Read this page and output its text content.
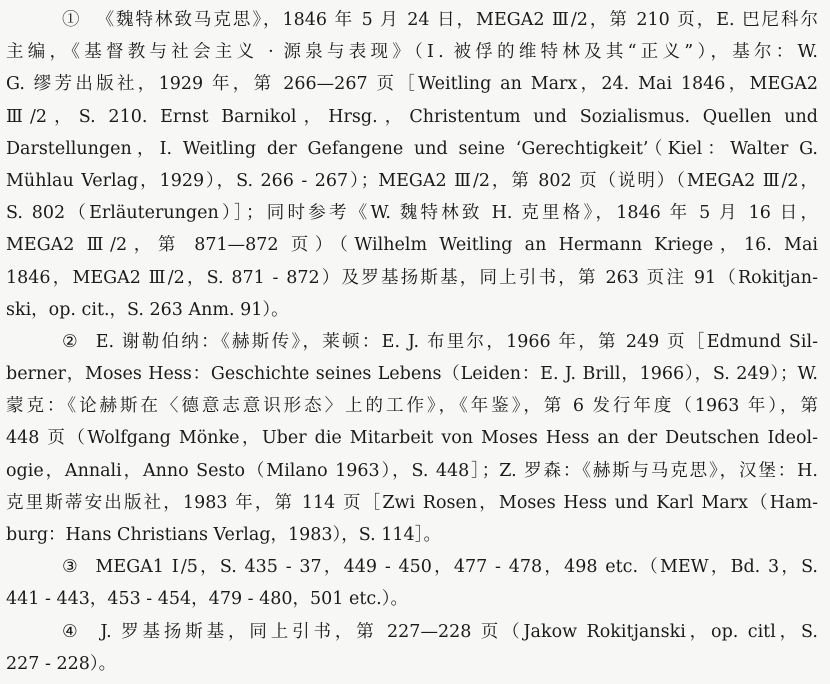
① 《魏特林致马克思》，1846 年 5 月 24 日，MEGA2 Ⅲ/2，第 210 页，E. 巴尼科尔
主编，《基督教与社会主义 · 源泉与表现》（Ⅰ. 被俘的维特林及其“正义”），基尔：W.
G. 缪芳出版社，1929 年，第 266—267 页［Weitling an Marx，24. Mai 1846，MEGA2
Ⅲ/2，S. 210. Ernst Barnikol，Hrsg.，Christentum und Sozialismus. Quellen und
Darstellungen，I. Weitling der Gefangene und seine ‘Gerechtigkeit’（Kiel：Walter G.
Mühlau Verlag，1929），S. 266 - 267）；MEGA2 Ⅲ/2，第 802 页（说明）（MEGA2 Ⅲ/2，
S. 802（Erläuterungen）］；同时参考《W. 魏特林致 H. 克里格》，1846 年 5 月 16 日，
MEGA2 Ⅲ/2，第 871—872 页）（Wilhelm Weitling an Hermann Kriege，16. Mai
1846，MEGA2 Ⅲ/2，S. 871 - 872）及罗基扬斯基，同上引书，第 263 页注 91（Rokitjan-
ski，op. cit.，S. 263 Anm. 91）。
② E. 谢勒伯纳：《赫斯传》，莱顿：E. J. 布里尔，1966 年，第 249 页［Edmund Sil-
berner，Moses Hess：Geschichte seines Lebens（Leiden：E. J. Brill，1966），S. 249）；W.
蒙克：《论赫斯在〈德意志意识形态〉上的工作》，《年鉴》，第 6 发行年度（1963 年），第
448 页（Wolfgang Mönke，Uber die Mitarbeit von Moses Hess an der Deutschen Ideol-
ogie，Annali，Anno Sesto（Milano 1963），S. 448］；Z. 罗森：《赫斯与马克思》，汉堡：H.
克里斯蒂安出版社，1983 年，第 114 页［Zwi Rosen，Moses Hess und Karl Marx（Ham-
burg：Hans Christians Verlag，1983），S. 114］。
③ MEGA1 Ⅰ/5，S. 435 - 37，449 - 450，477 - 478，498 etc.（MEW，Bd. 3，S.
441 - 443，453 - 454，479 - 480，501 etc.）。
④ J. 罗基扬斯基，同上引书，第 227—228 页（Jakow Rokitjanski，op. citl，S.
227 - 228）。
